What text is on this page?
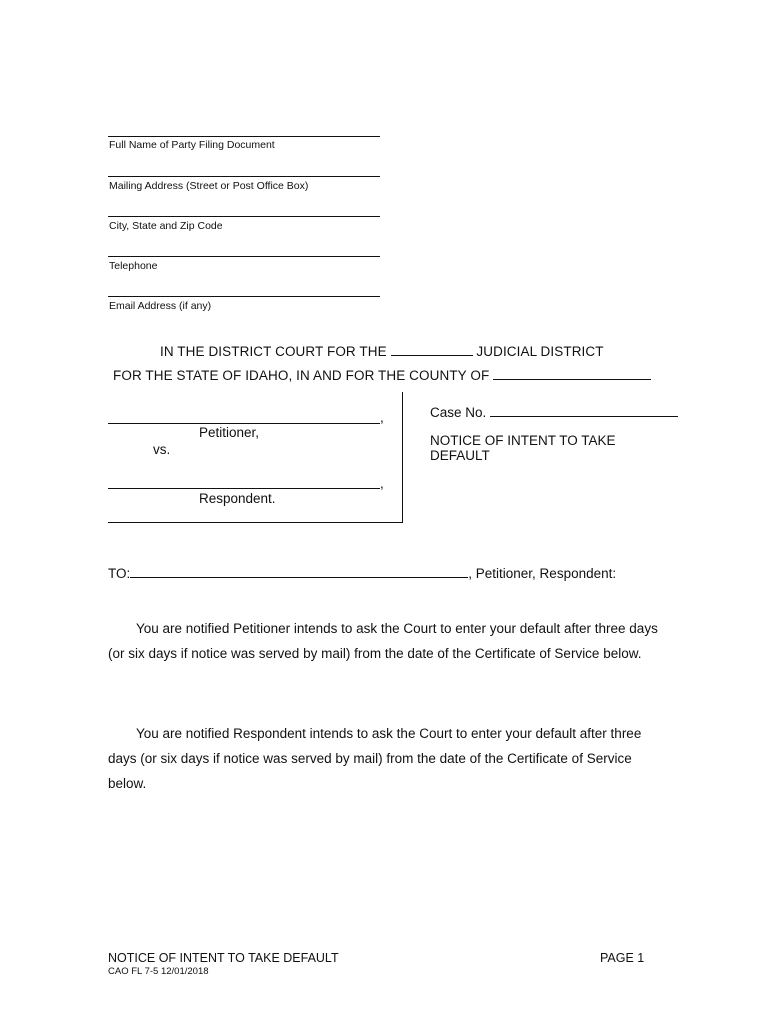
Full Name of Party Filing Document
Mailing Address (Street or Post Office Box)
City, State and Zip Code
Telephone
Email Address (if any)
IN THE DISTRICT COURT FOR THE	JUDICIAL DISTRICT
FOR THE STATE OF IDAHO, IN AND FOR THE COUNTY OF
,
Petitioner,
vs.
,
Respondent.
Case No.
NOTICE OF INTENT TO TAKE
DEFAULT
TO:	, Petitioner, Respondent:
You are notified Petitioner intends to ask the Court to enter your default after three days (or six days if notice was served by mail) from the date of the Certificate of Service below.
You are notified Respondent intends to ask the Court to enter your default after three days (or six days if notice was served by mail) from the date of the Certificate of Service below.
NOTICE OF INTENT TO TAKE DEFAULT
CAO FL 7-5 12/01/2018
PAGE 1
